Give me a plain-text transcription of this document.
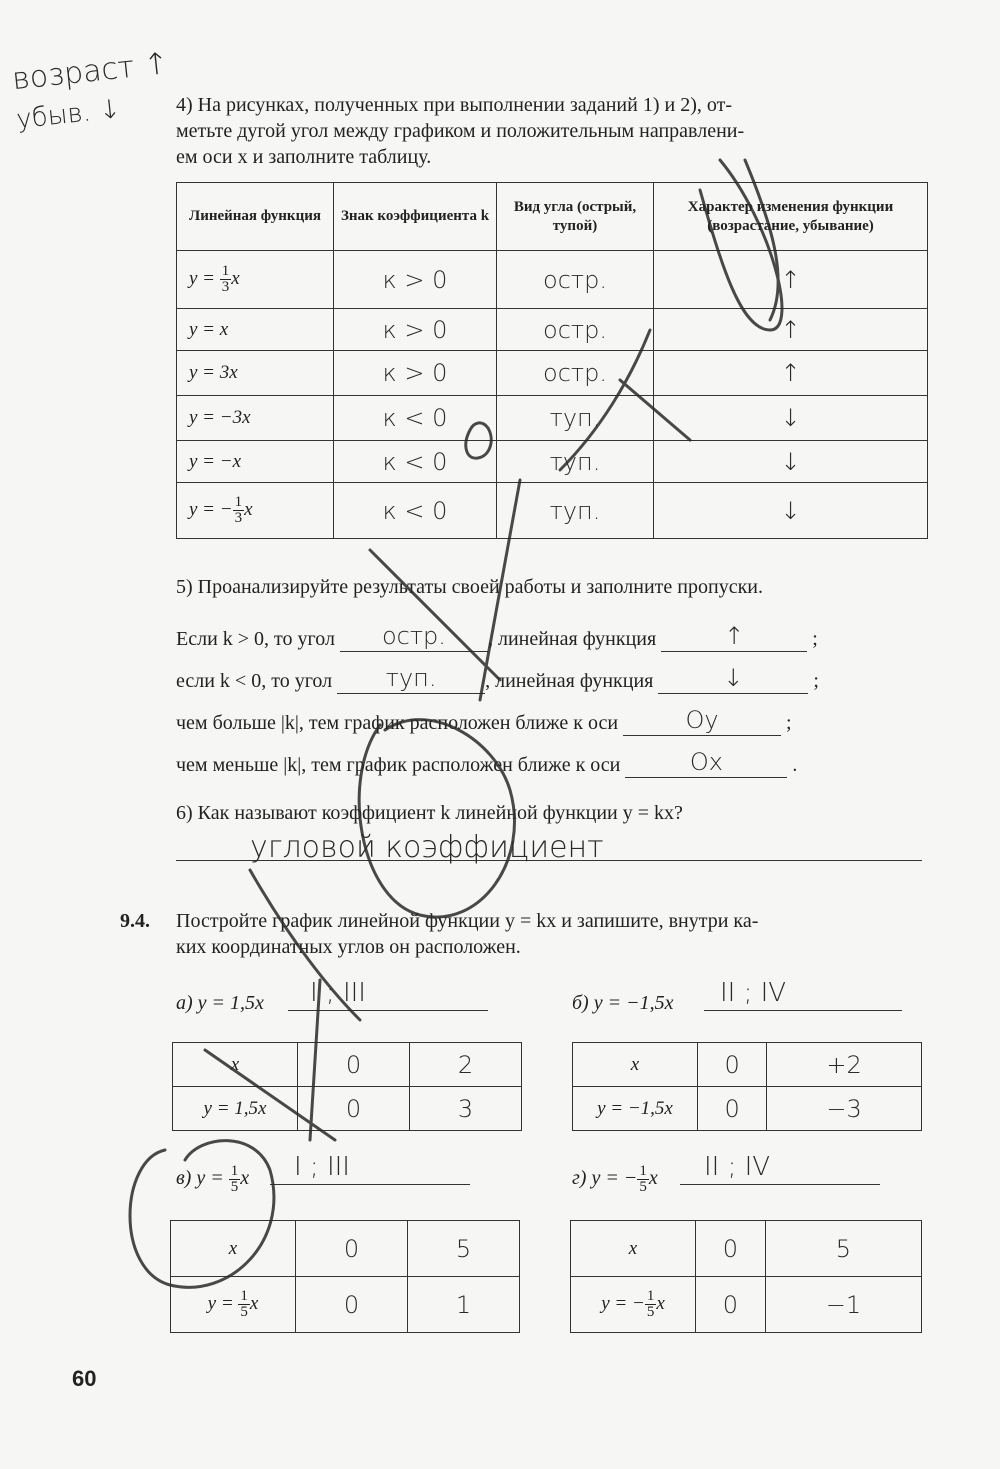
возраст ↑
убыв. ↓	4) На рисунках, полученных при выполнении заданий 1) и 2), от-
метьте дугой угол между графиком и положительным направлени-
ем оси x и заполните таблицу.
Линейная функция	Знак коэффициента k	Вид угла (острый, тупой)	Характер изменения функции (возрастание, убывание)
$y = \frac{1}{3}$ x	к > 0	остр.	↑
y = x	к > 0	остр.	↑
y = 3x	к > 0	остр.	↑
y = −3x	к < 0	туп.	↓
y = −x	к < 0	туп.	↓
y = − $\frac{1}{3}$ x	к < 0	туп.	↓
5) Проанализируйте результаты своей работы и заполните пропуски.
Если k > 0, то угол	остр.	, линейная функция	↑	;
если k < 0, то угол	туп.	, линейная функция	↓	;
чем больше |k|, тем график расположен ближе к оси	Oy	;
чем меньше |k|, тем график расположен ближе к оси	Ox	.
6) Как называют коэффициент k линейной функции y = kx?
угловой коэффициент
9.4. Постройте график линейной функции y = kx и запишите, внутри ка-
ких координатных углов он расположен.
а) y = 1,5x I ; III
x	0	2
y = 1,5x	0	3
б) y = −1,5x II ; IV
x	0	+2
y = −1,5x	0	−3
в) $y = \frac{1}{5}$ x I ; III
x	0	5
$y = \frac{1}{5}$ x	0	1
г) y = − $\frac{1}{5}$ x II ; IV
x	0	5
y = − $\frac{1}{5}$ x	0	−1
60
